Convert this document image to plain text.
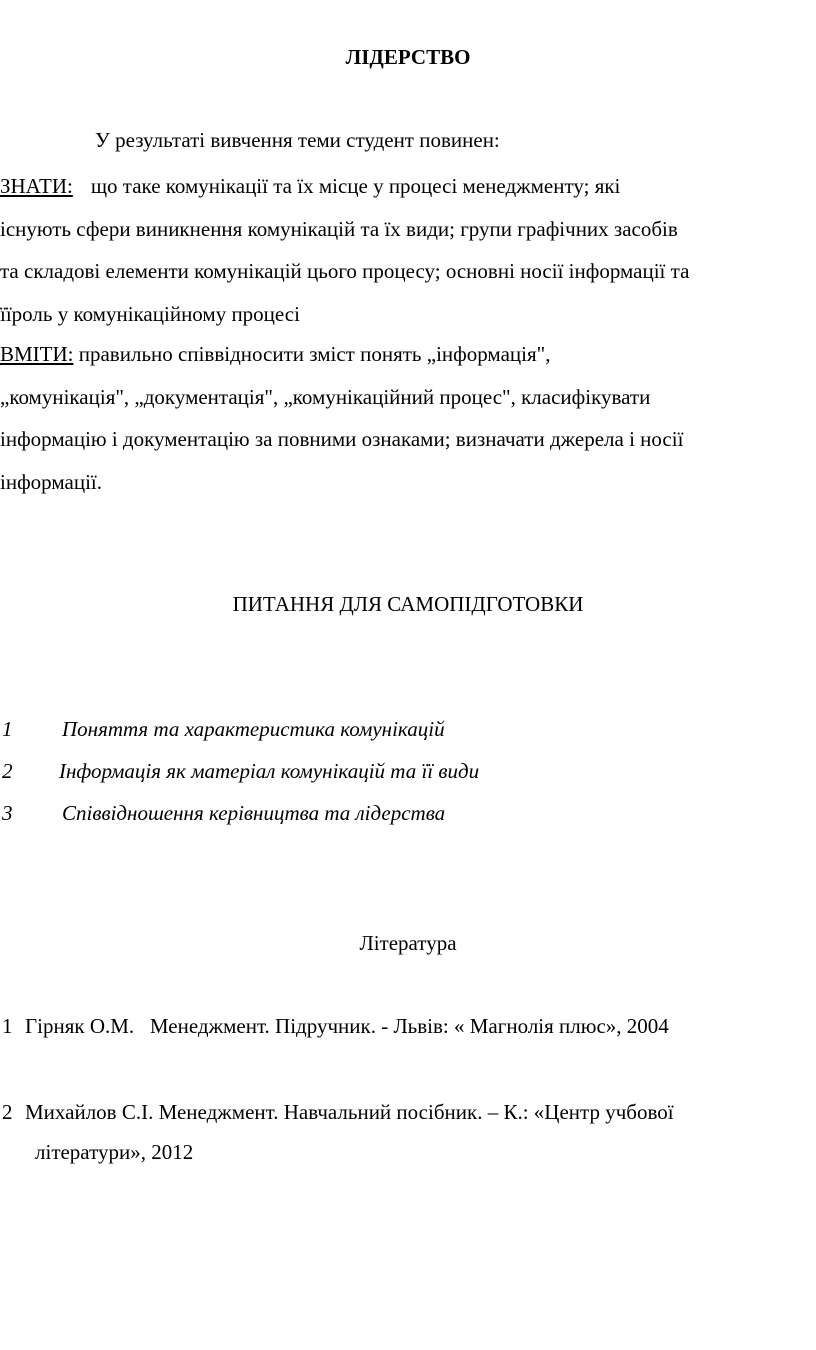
ЛІДЕРСТВО
У результаті вивчення теми студент повинен:
ЗНАТИ: що таке комунікації та їх місце у процесі менеджменту; які
існують сфери виникнення комунікацій та їх види; групи графічних засобів
та складові елементи комунікацій цього процесу; основні носії інформації та
їїроль у комунікаційному процесі
ВМІТИ: правильно співвідносити зміст понять „інформація",
„комунікація", „документація", „комунікаційний процес", класифікувати
інформацію і документацію за повними ознаками; визначати джерела і носії
інформації.
ПИТАННЯ ДЛЯ САМОПІДГОТОВКИ
1 Поняття та характеристика комунікацій
2 Інформація як матеріал комунікацій та її види
3 Співвідношення керівництва та лідерства
Література
1 Гірняк О.М.   Менеджмент. Підручник. - Львів: « Магнолія плюс», 2004
2 Михайлов С.І. Менеджмент. Навчальний посібник. – К.: «Центр учбової
літератури», 2012
